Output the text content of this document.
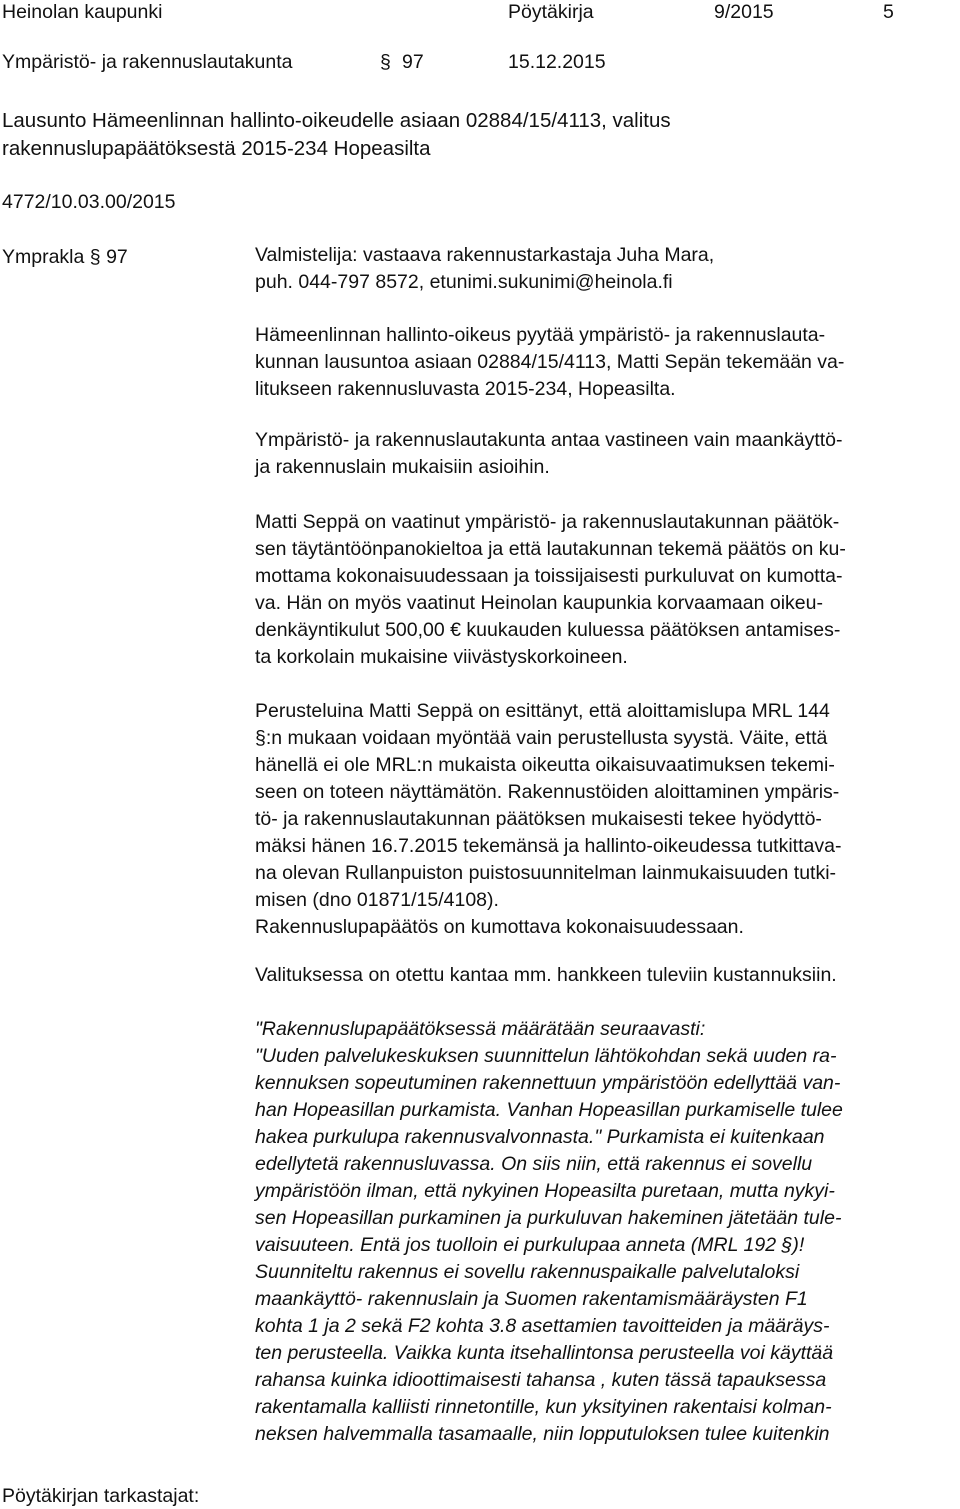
Heinolan kaupunki	Pöytäkirja	9/2015	5
Ympäristö- ja rakennuslautakunta	§ 97	15.12.2015
Lausunto Hämeenlinnan hallinto-oikeudelle asiaan 02884/15/4113, valitus
rakennuslupapäätöksestä 2015-234 Hopeasilta
4772/10.03.00/2015
Ymprakla § 97	Valmistelija: vastaava rakennustarkastaja Juha Mara,
puh. 044-797 8572, etunimi.sukunimi@heinola.fi
Hämeenlinnan hallinto-oikeus pyytää ympäristö- ja rakennuslauta-
kunnan lausuntoa asiaan 02884/15/4113, Matti Sepän tekemään va-
litukseen rakennusluvasta 2015-234, Hopeasilta.
Ympäristö- ja rakennuslautakunta antaa vastineen vain maankäyttö-
ja rakennuslain mukaisiin asioihin.
Matti Seppä on vaatinut ympäristö- ja rakennuslautakunnan päätök-
sen täytäntöönpanokieltoa ja että lautakunnan tekemä päätös on ku-
mottama kokonaisuudessaan ja toissijaisesti purkuluvat on kumotta-
va. Hän on myös vaatinut Heinolan kaupunkia korvaamaan oikeu-
denkäyntikulut 500,00 € kuukauden kuluessa päätöksen antamises-
ta korkolain mukaisine viivästyskorkoineen.
Perusteluina Matti Seppä on esittänyt, että aloittamislupa MRL 144
§:n mukaan voidaan myöntää vain perustellusta syystä. Väite, että
hänellä ei ole MRL:n mukaista oikeutta oikaisuvaatimuksen tekemi-
seen on toteen näyttämätön. Rakennustöiden aloittaminen ympäris-
tö- ja rakennuslautakunnan päätöksen mukaisesti tekee hyödyttö-
mäksi hänen 16.7.2015 tekemänsä ja hallinto-oikeudessa tutkittava-
na olevan Rullanpuiston puistosuunnitelman lainmukaisuuden tutki-
misen (dno 01871/15/4108).
Rakennuslupapäätös on kumottava kokonaisuudessaan.
Valituksessa on otettu kantaa mm. hankkeen tuleviin kustannuksiin.
"Rakennuslupapäätöksessä määrätään seuraavasti:
"Uuden palvelukeskuksen suunnittelun lähtökohdan sekä uuden ra-
kennuksen sopeutuminen rakennettuun ympäristöön edellyttää van-
han Hopeasillan purkamista. Vanhan Hopeasillan purkamiselle tulee
hakea purkulupa rakennusvalvonnasta." Purkamista ei kuitenkaan
edellytetä rakennusluvassa. On siis niin, että rakennus ei sovellu
ympäristöön ilman, että nykyinen Hopeasilta puretaan, mutta nykyi-
sen Hopeasillan purkaminen ja purkuluvan hakeminen jätetään tule-
vaisuuteen. Entä jos tuolloin ei purkulupaa anneta (MRL 192 §)!
Suunniteltu rakennus ei sovellu rakennuspaikalle palvelutaloksi
maankäyttö- rakennuslain ja Suomen rakentamismääräysten F1
kohta 1 ja 2 sekä F2 kohta 3.8 asettamien tavoitteiden ja määräys-
ten perusteella. Vaikka kunta itsehallintonsa perusteella voi käyttää
rahansa kuinka idioottimaisesti tahansa , kuten tässä tapauksessa
rakentamalla kalliisti rinnetontille, kun yksityinen rakentaisi kolman-
neksen halvemmalla tasamaalle, niin lopputuloksen tulee kuitenkin
Pöytäkirjan tarkastajat:
